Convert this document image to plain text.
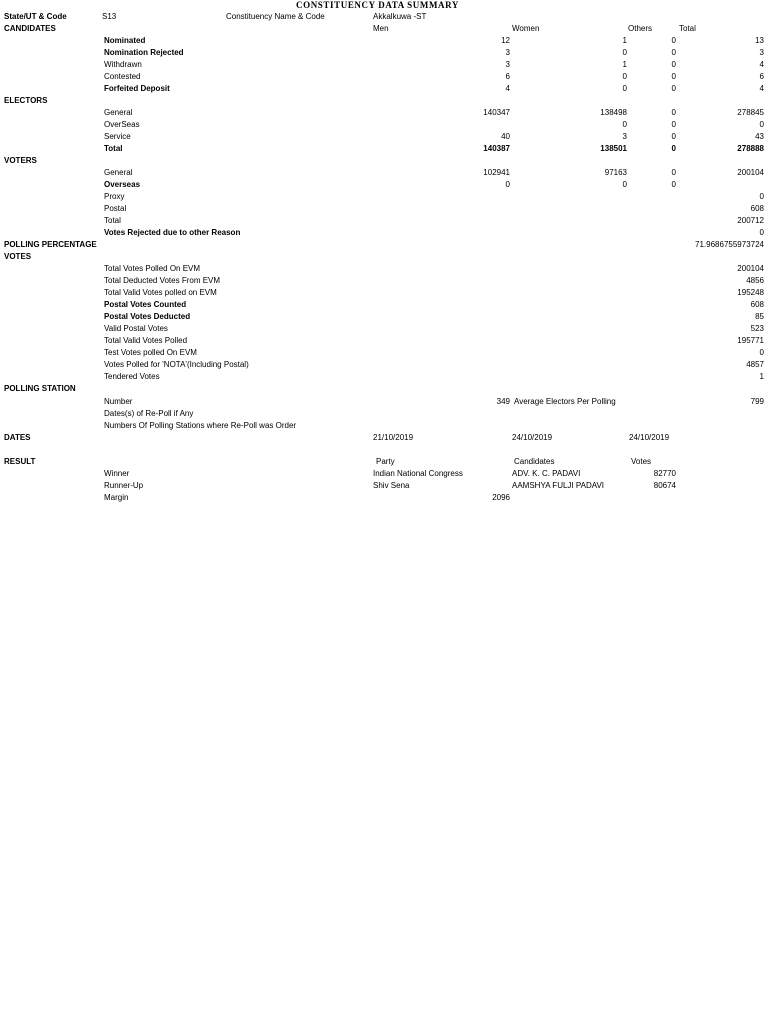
CONSTITUENCY DATA SUMMARY
State/UT & Code	S13	Constituency Name & Code	Akkalkuwa -ST
CANDIDATES	Men	Women	Others	Total
Nominated	12	1	0	13
Nomination Rejected	3	0	0	3
Withdrawn	3	1	0	4
Contested	6	0	0	6
Forfeited Deposit	4	0	0	4
ELECTORS
General	140347	138498	0	278845
OverSeas	0	0	0
Service	40	3	0	43
Total	140387	138501	0	278888
VOTERS
General	102941	97163	0	200104
Overseas	0	0	0
Proxy	0
Postal	608
Total	200712
Votes Rejected due to other Reason	0
POLLING PERCENTAGE	71.9686755973724
VOTES
Total Votes Polled On EVM	200104
Total Deducted Votes From EVM	4856
Total Valid Votes polled on EVM	195248
Postal Votes Counted	608
Postal Votes Deducted	85
Valid Postal Votes	523
Total Valid Votes Polled	195771
Test Votes polled On EVM	0
Votes Polled for 'NOTA'(Including Postal)	4857
Tendered Votes	1
POLLING STATION
Number	349 Average Electors Per Polling	799
Dates(s) of Re-Poll if Any
Numbers Of Polling Stations where Re-Poll was Order
DATES	21/10/2019	24/10/2019	24/10/2019
RESULT	Party	Candidates	Votes
Winner	Indian National Congress	ADV. K. C. PADAVI	82770
Runner-Up	Shiv Sena	AAMSHYA FULJI PADAVI	80674
Margin	2096
